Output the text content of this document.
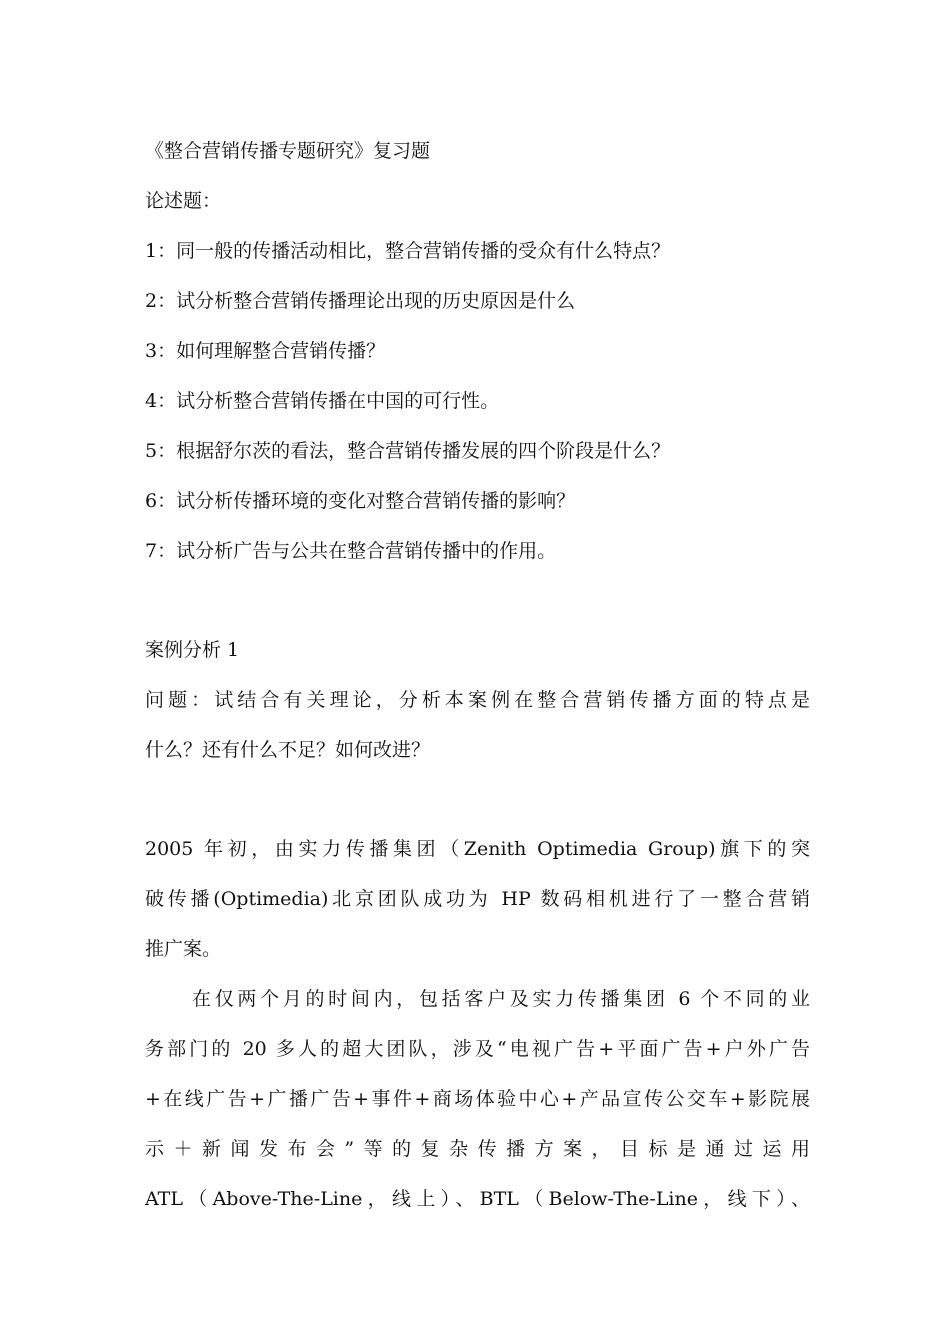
《整合营销传播专题研究》复习题
论述题：
1：同一般的传播活动相比，整合营销传播的受众有什么特点？
2：试分析整合营销传播理论出现的历史原因是什么
3：如何理解整合营销传播？
4：试分析整合营销传播在中国的可行性。
5：根据舒尔茨的看法，整合营销传播发展的四个阶段是什么？
6：试分析传播环境的变化对整合营销传播的影响？
7：试分析广告与公共在整合营销传播中的作用。
案例分析 1
问题：试结合有关理论，分析本案例在整合营销传播方面的特点是
什么？还有什么不足？如何改进？
2005 年初，由实力传播集团（Zenith Optimedia Group)旗下的突
破传播(Optimedia)北京团队成功为 HP 数码相机进行了一整合营销
推广案。
在仅两个月的时间内，包括客户及实力传播集团 6 个不同的业
务部门的 20 多人的超大团队，涉及“电视广告+平面广告+户外广告
+在线广告+广播广告+事件+商场体验中心+产品宣传公交车+影院展
示＋新闻发布会”等的复杂传播方案，目标是通过运用
ATL（Above-The-Line，线上）、BTL（Below-The-Line，线下）、
